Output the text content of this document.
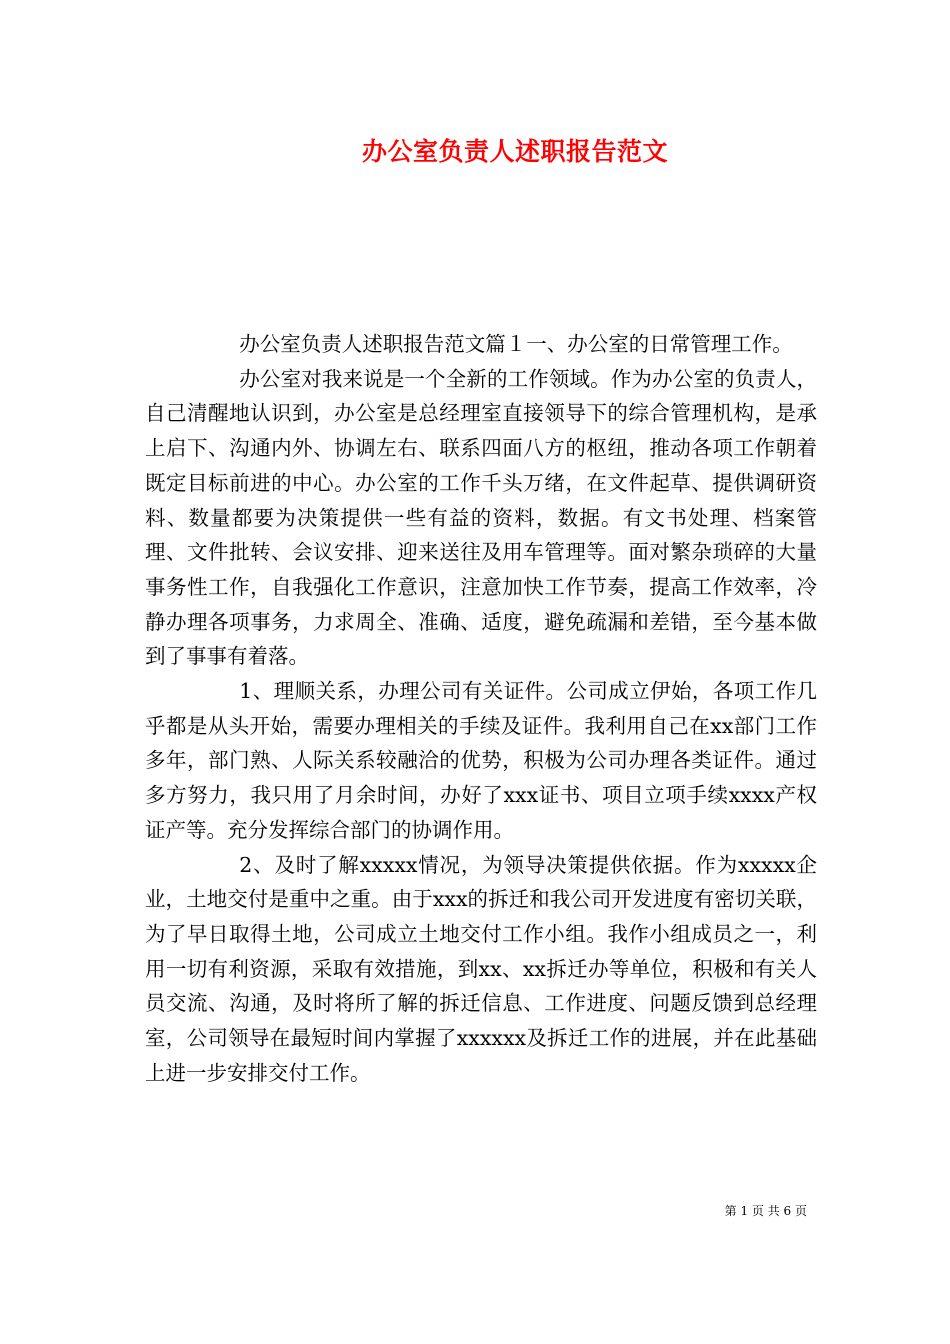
办公室负责人述职报告范文

办公室负责人述职报告范文篇１一、办公室的日常管理工作。

办公室对我来说是一个全新的工作领域。作为办公室的负责人，自己清醒地认识到，办公室是总经理室直接领导下的综合管理机构，是承上启下、沟通内外、协调左右、联系四面八方的枢纽，推动各项工作朝着既定目标前进的中心。办公室的工作千头万绪，在文件起草、提供调研资料、数量都要为决策提供一些有益的资料，数据。有文书处理、档案管理、文件批转、会议安排、迎来送往及用车管理等。面对繁杂琐碎的大量事务性工作，自我强化工作意识，注意加快工作节奏，提高工作效率，冷静办理各项事务，力求周全、准确、适度，避免疏漏和差错，至今基本做到了事事有着落。

1、理顺关系，办理公司有关证件。公司成立伊始，各项工作几乎都是从头开始，需要办理相关的手续及证件。我利用自己在xx部门工作多年，部门熟、人际关系较融洽的优势，积极为公司办理各类证件。通过多方努力，我只用了月余时间，办好了xxx证书、项目立项手续xxxx产权证产等。充分发挥综合部门的协调作用。

2、及时了解xxxxx情况，为领导决策提供依据。作为xxxxx企业，土地交付是重中之重。由于xxx的拆迁和我公司开发进度有密切关联，为了早日取得土地，公司成立土地交付工作小组。我作小组成员之一，利用一切有利资源，采取有效措施，到xx、xx拆迁办等单位，积极和有关人员交流、沟通，及时将所了解的拆迁信息、工作进度、问题反馈到总经理室，公司领导在最短时间内掌握了xxxxxx及拆迁工作的进展，并在此基础上进一步安排交付工作。

第 1 页 共 6 页
